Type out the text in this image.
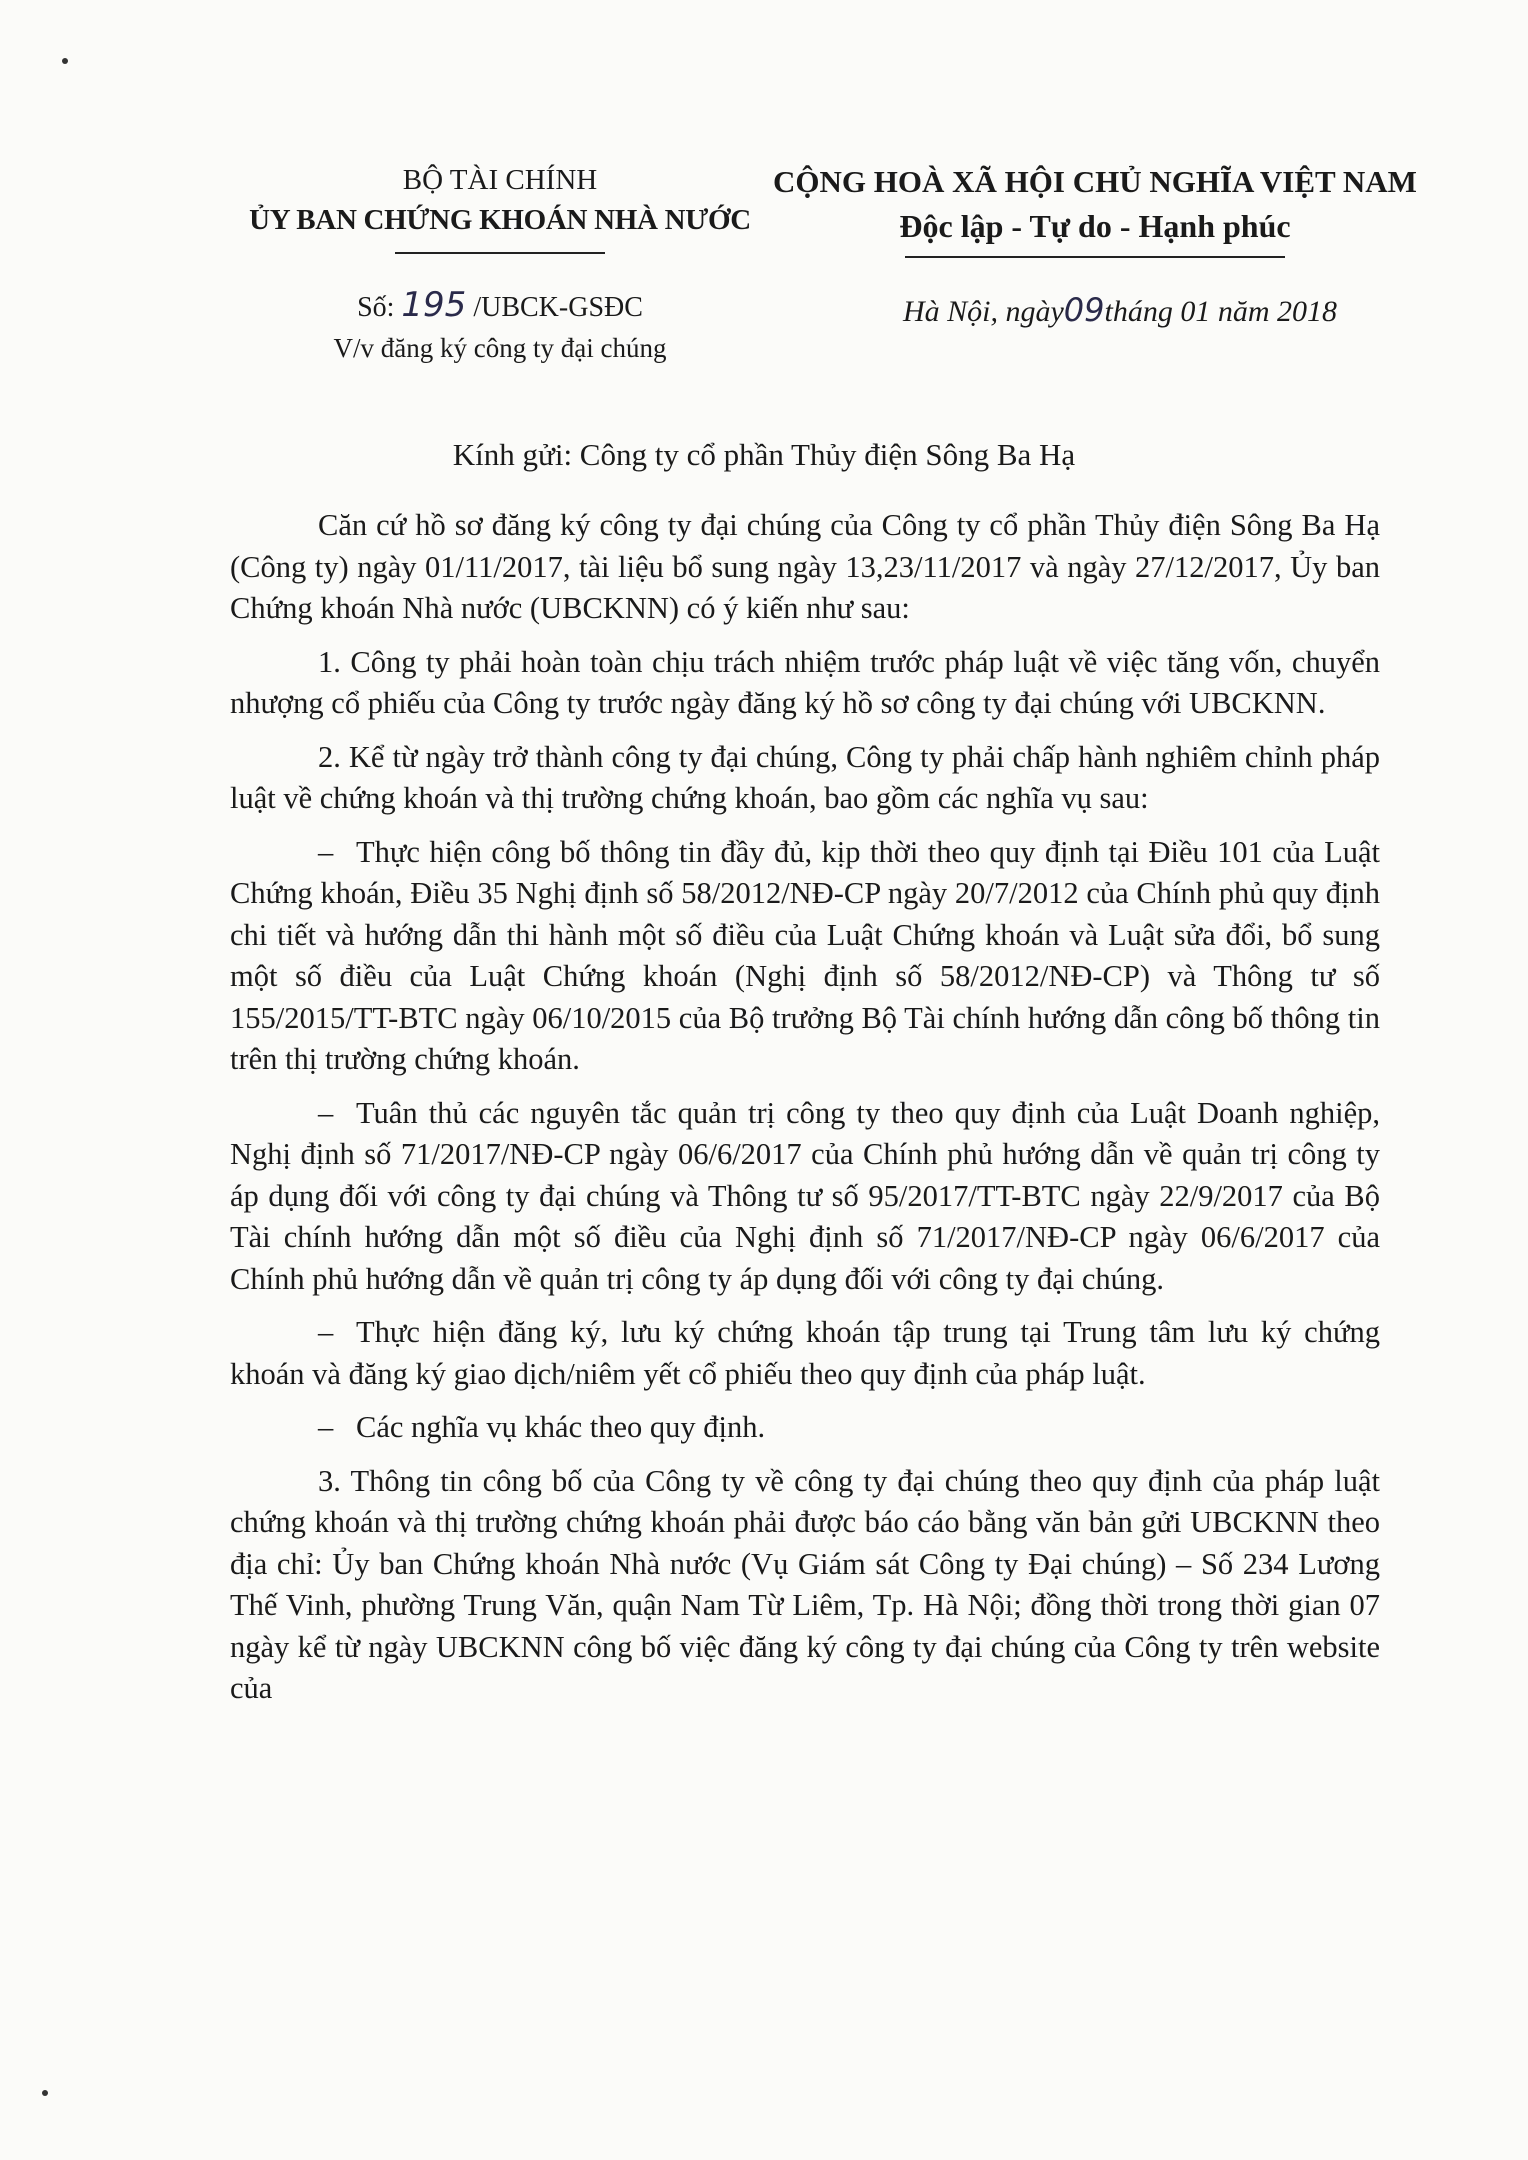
BỘ TÀI CHÍNH
ỦY BAN CHỨNG KHOÁN NHÀ NƯỚC
CỘNG HOÀ XÃ HỘI CHỦ NGHĨA VIỆT NAM
Độc lập - Tự do - Hạnh phúc
Số: 195 /UBCK-GSĐC
V/v đăng ký công ty đại chúng
Hà Nội, ngày09tháng 01 năm 2018
Kính gửi: Công ty cổ phần Thủy điện Sông Ba Hạ

Căn cứ hồ sơ đăng ký công ty đại chúng của Công ty cổ phần Thủy điện Sông Ba Hạ (Công ty) ngày 01/11/2017, tài liệu bổ sung ngày 13,23/11/2017 và ngày 27/12/2017, Ủy ban Chứng khoán Nhà nước (UBCKNN) có ý kiến như sau:

1. Công ty phải hoàn toàn chịu trách nhiệm trước pháp luật về việc tăng vốn, chuyển nhượng cổ phiếu của Công ty trước ngày đăng ký hồ sơ công ty đại chúng với UBCKNN.

2. Kể từ ngày trở thành công ty đại chúng, Công ty phải chấp hành nghiêm chỉnh pháp luật về chứng khoán và thị trường chứng khoán, bao gồm các nghĩa vụ sau:

– Thực hiện công bố thông tin đầy đủ, kịp thời theo quy định tại Điều 101 của Luật Chứng khoán, Điều 35 Nghị định số 58/2012/NĐ-CP ngày 20/7/2012 của Chính phủ quy định chi tiết và hướng dẫn thi hành một số điều của Luật Chứng khoán và Luật sửa đổi, bổ sung một số điều của Luật Chứng khoán (Nghị định số 58/2012/NĐ-CP) và Thông tư số 155/2015/TT-BTC ngày 06/10/2015 của Bộ trưởng Bộ Tài chính hướng dẫn công bố thông tin trên thị trường chứng khoán.

– Tuân thủ các nguyên tắc quản trị công ty theo quy định của Luật Doanh nghiệp, Nghị định số 71/2017/NĐ-CP ngày 06/6/2017 của Chính phủ hướng dẫn về quản trị công ty áp dụng đối với công ty đại chúng và Thông tư số 95/2017/TT-BTC ngày 22/9/2017 của Bộ Tài chính hướng dẫn một số điều của Nghị định số 71/2017/NĐ-CP ngày 06/6/2017 của Chính phủ hướng dẫn về quản trị công ty áp dụng đối với công ty đại chúng.

– Thực hiện đăng ký, lưu ký chứng khoán tập trung tại Trung tâm lưu ký chứng khoán và đăng ký giao dịch/niêm yết cổ phiếu theo quy định của pháp luật.

– Các nghĩa vụ khác theo quy định.

3. Thông tin công bố của Công ty về công ty đại chúng theo quy định của pháp luật chứng khoán và thị trường chứng khoán phải được báo cáo bằng văn bản gửi UBCKNN theo địa chỉ: Ủy ban Chứng khoán Nhà nước (Vụ Giám sát Công ty Đại chúng) – Số 234 Lương Thế Vinh, phường Trung Văn, quận Nam Từ Liêm, Tp. Hà Nội; đồng thời trong thời gian 07 ngày kể từ ngày UBCKNN công bố việc đăng ký công ty đại chúng của Công ty trên website của
